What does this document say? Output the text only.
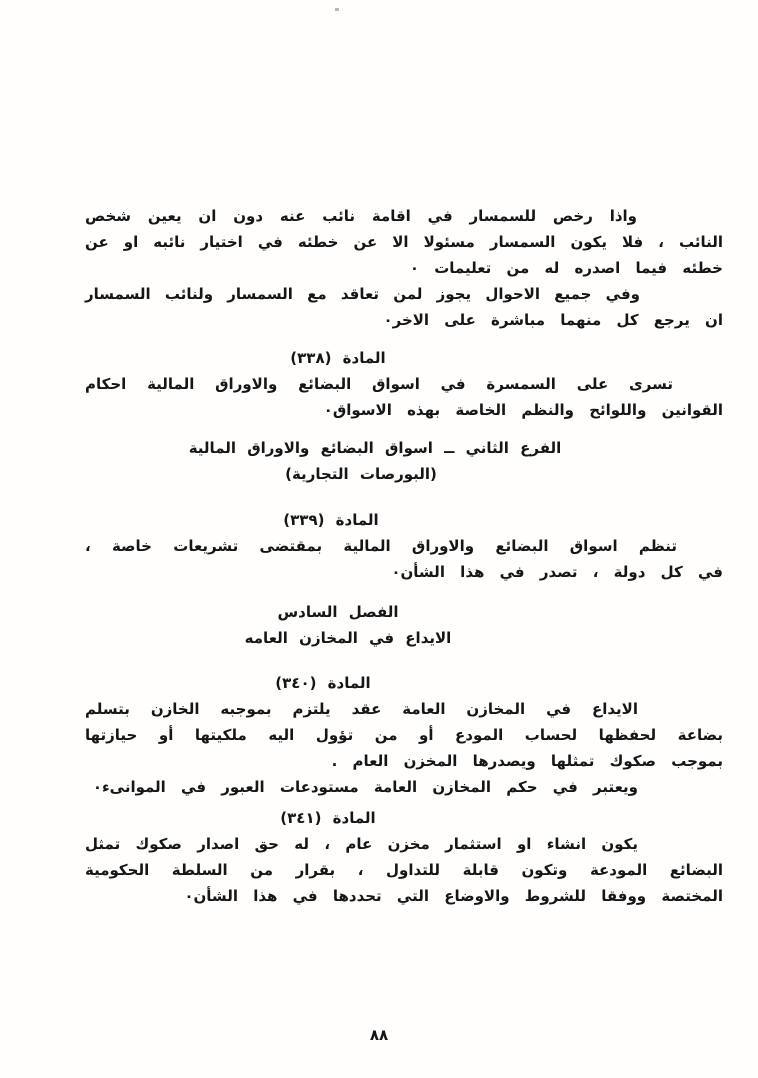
واذا رخص للسمسار في اقامة نائب عنه دون ان يعين شخص
النائب ، فلا يكون السمسار مسئولا الا عن خطئه في اختيار نائبه او عن
خطئه فيما اصدره له من تعليمات ٠
وفي جميع الاحوال يجوز لمن تعاقد مع السمسار ولنائب السمسار
ان يرجع كل منهما مباشرة على الاخر٠
المادة (٣٣٨)
تسرى على السمسرة في اسواق البضائع والاوراق المالية احكام
القوانين واللوائح والنظم الخاصة بهذه الاسواق٠
الفرع الثاني ــ اسواق البضائع والاوراق المالية
(البورصات التجارية)
المادة (٣٣٩)
تنظم اسواق البضائع والاوراق المالية بمقتضى تشريعات خاصة ،
في كل دولة ، تصدر في هذا الشأن٠
الفصل السادس
الايداع في المخازن العامه
المادة (٣٤٠)
الايداع في المخازن العامة عقد يلتزم بموجبه الخازن بتسلم
بضاعة لحفظها لحساب المودع أو من تؤول اليه ملكيتها أو حيازتها
بموجب صكوك تمثلها ويصدرها المخزن العام .
ويعتبر في حكم المخازن العامة مستودعات العبور في الموانىء٠
المادة (٣٤١)
يكون انشاء او استثمار مخزن عام ، له حق اصدار صكوك تمثل
البضائع المودعة وتكون قابلة للتداول ، بقرار من السلطة الحكومية
المختصة ووفقا للشروط والاوضاع التي تحددها في هذا الشأن٠
٨٨
